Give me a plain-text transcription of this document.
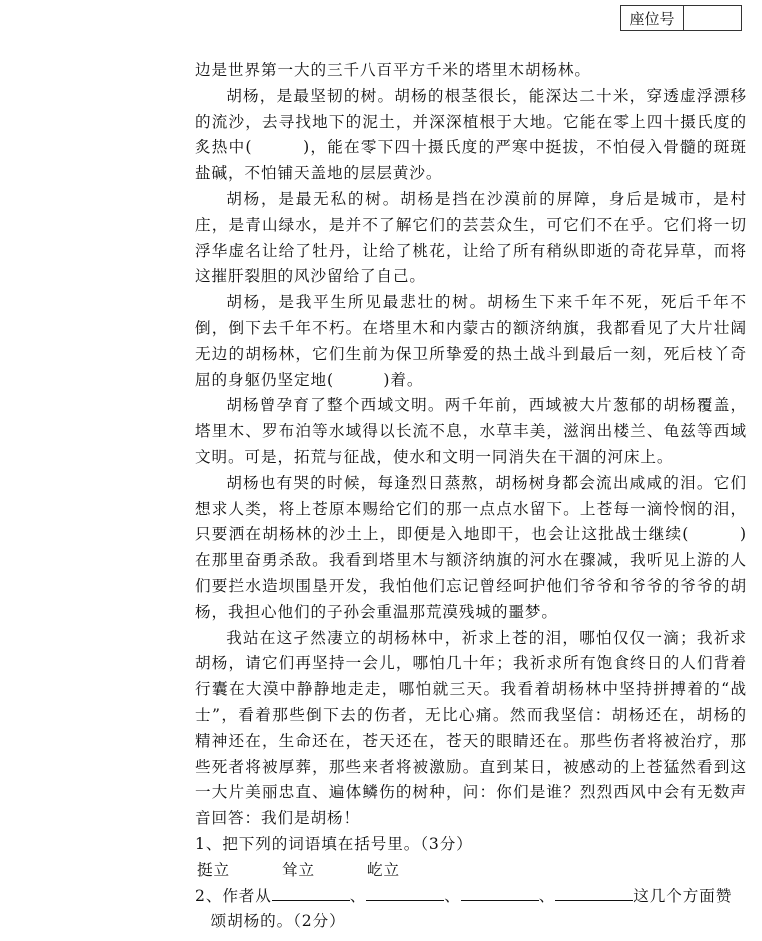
座位号

边是世界第一大的三千八百平方千米的塔里木胡杨林。

胡杨，是最坚韧的树。胡杨的根茎很长，能深达二十米，穿透虚浮漂移的流沙，去寻找地下的泥土，并深深植根于大地。它能在零上四十摄氏度的炙热中(　　　)，能在零下四十摄氏度的严寒中挺拔，不怕侵入骨髓的斑斑盐碱，不怕铺天盖地的层层黄沙。

胡杨，是最无私的树。胡杨是挡在沙漠前的屏障，身后是城市，是村庄，是青山绿水，是并不了解它们的芸芸众生，可它们不在乎。它们将一切浮华虚名让给了牡丹，让给了桃花，让给了所有稍纵即逝的奇花异草，而将这摧肝裂胆的风沙留给了自己。

胡杨，是我平生所见最悲壮的树。胡杨生下来千年不死，死后千年不倒，倒下去千年不朽。在塔里木和内蒙古的额济纳旗，我都看见了大片壮阔无边的胡杨林，它们生前为保卫所挚爱的热土战斗到最后一刻，死后枝丫奇屈的身躯仍坚定地(　　　)着。

胡杨曾孕育了整个西域文明。两千年前，西域被大片葱郁的胡杨覆盖，塔里木、罗布泊等水域得以长流不息，水草丰美，滋润出楼兰、龟兹等西域文明。可是，拓荒与征战，使水和文明一同消失在干涸的河床上。

胡杨也有哭的时候，每逢烈日蒸熬，胡杨树身都会流出咸咸的泪。它们想求人类，将上苍原本赐给它们的那一点点水留下。上苍每一滴怜悯的泪，只要洒在胡杨林的沙土上，即便是入地即干，也会让这批战士继续(　　　)在那里奋勇杀敌。我看到塔里木与额济纳旗的河水在骤减，我听见上游的人们要拦水造坝围垦开发，我怕他们忘记曾经呵护他们爷爷和爷爷的爷爷的胡杨，我担心他们的子孙会重温那荒漠残城的噩梦。

我站在这孑然凄立的胡杨林中，祈求上苍的泪，哪怕仅仅一滴；我祈求胡杨，请它们再坚持一会儿，哪怕几十年；我祈求所有饱食终日的人们背着行囊在大漠中静静地走走，哪怕就三天。我看着胡杨林中坚持拼搏着的“战士”，看着那些倒下去的伤者，无比心痛。然而我坚信：胡杨还在，胡杨的精神还在，生命还在，苍天还在，苍天的眼睛还在。那些伤者将被治疗，那些死者将被厚葬，那些来者将被激励。直到某日，被感动的上苍猛然看到这一大片美丽忠直、遍体鳞伤的树种，问：你们是谁？烈烈西风中会有无数声音回答：我们是胡杨！

1、把下列的词语填在括号里。（3分）

挺立	耸立	屹立

2、作者从	、	、	、	这几个方面赞颂胡杨的。（2分）
